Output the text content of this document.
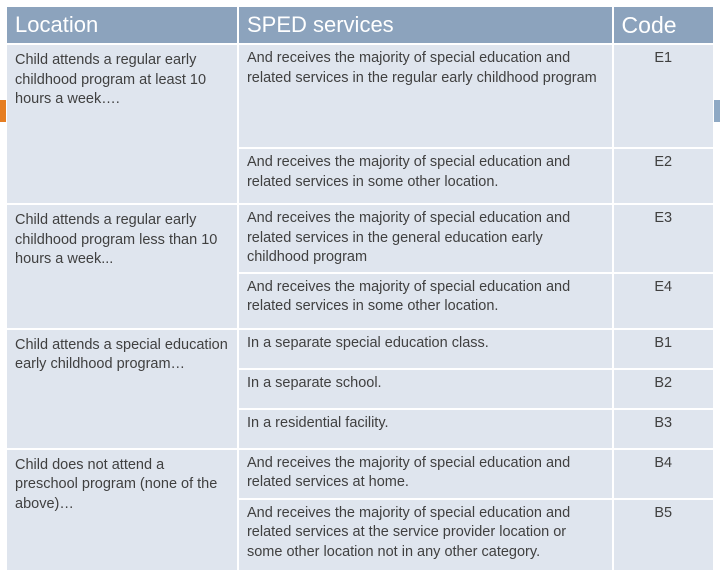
Location	SPED services	Code
Child attends a regular early childhood program at least 10 hours a week….	And receives the majority of special education and related services in the regular early childhood program	E1
	And receives the majority of special education and related services in some other location.	E2
Child attends a regular early childhood program less than 10 hours a week...	And receives the majority of special education and related services in the general education early childhood program	E3
	And receives the majority of special education and related services in some other location.	E4
Child attends a special education early childhood program…	In a separate special education class.	B1
	In a separate school.	B2
	In a residential facility.	B3
Child does not attend a preschool program (none of the above)…	And receives the majority of special education and related services at home.	B4
	And receives the majority of special education and related services at the service provider location or some other location not in any other category.	B5
